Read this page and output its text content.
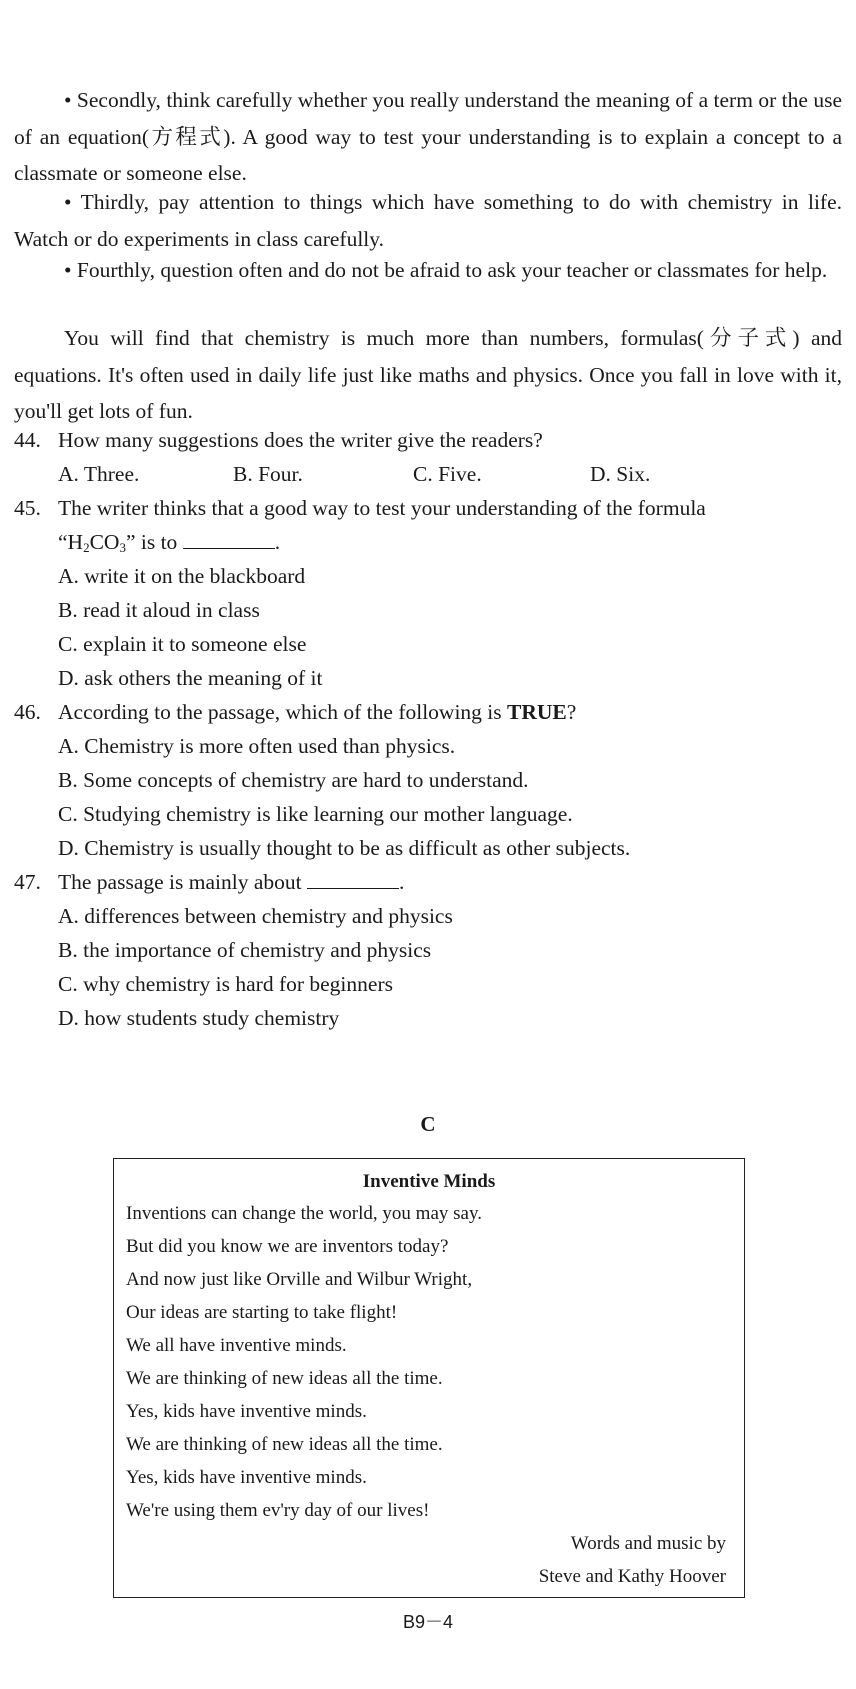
• Secondly, think carefully whether you really understand the meaning of a term or the use of an equation(方程式). A good way to test your understanding is to explain a concept to a classmate or someone else.

• Thirdly, pay attention to things which have something to do with chemistry in life. Watch or do experiments in class carefully.

• Fourthly, question often and do not be afraid to ask your teacher or classmates for help.

You will find that chemistry is much more than numbers, formulas(分子式) and equations. It's often used in daily life just like maths and physics. Once you fall in love with it, you'll get lots of fun.

44. How many suggestions does the writer give the readers?
A. Three.	B. Four.	C. Five.	D. Six.
45. The writer thinks that a good way to test your understanding of the formula
“$H_2CO_3$” is to	.
A. write it on the blackboard
B. read it aloud in class
C. explain it to someone else
D. ask others the meaning of it
46. According to the passage, which of the following is TRUE?
A. Chemistry is more often used than physics.
B. Some concepts of chemistry are hard to understand.
C. Studying chemistry is like learning our mother language.
D. Chemistry is usually thought to be as difficult as other subjects.
47. The passage is mainly about	.
A. differences between chemistry and physics
B. the importance of chemistry and physics
C. why chemistry is hard for beginners
D. how students study chemistry
C
Inventive Minds
Inventions can change the world, you may say.
But did you know we are inventors today?
And now just like Orville and Wilbur Wright,
Our ideas are starting to take flight!
We all have inventive minds.
We are thinking of new ideas all the time.
Yes, kids have inventive minds.
We are thinking of new ideas all the time.
Yes, kids have inventive minds.
We're using them ev'ry day of our lives!
Words and music by
Steve and Kathy Hoover
B9－4
